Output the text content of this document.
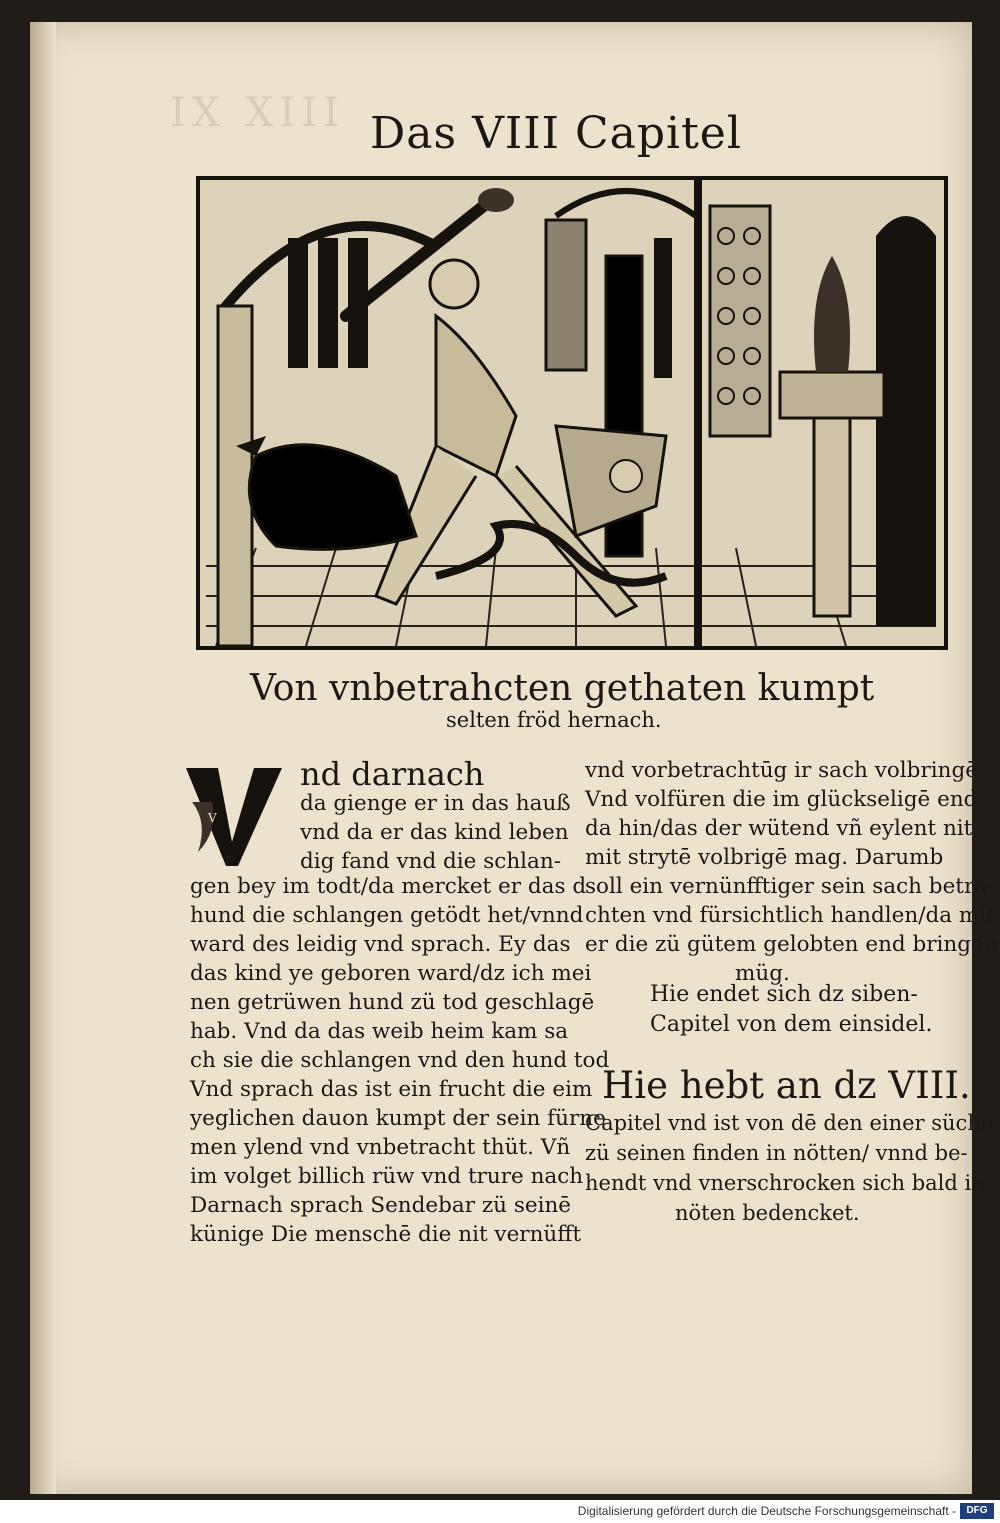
IX XIII Das VIII Capitel
Von vnbetrahcten gethaten kumpt
selten fröd hernach.
V
nd darnach
da gienge er in das hauß
vnd da er das kind leben
dig fand vnd die schlan-
gen bey im todt/da mercket er das d
hund die schlangen getödt het/vnnd
ward des leidig vnd sprach. Ey das
das kind ye geboren ward/dz ich mei
nen getrüwen hund zü tod geschlagē
hab. Vnd da das weib heim kam sa
ch sie die schlangen vnd den hund tod
Vnd sprach das ist ein frucht die eim
yeglichen dauon kumpt der sein fürne
men ylend vnd vnbetracht thüt. Vñ
im volget billich rüw vnd trure nach
Darnach sprach Sendebar zü seinē
künige Die menschē die nit vernüfft
vnd vorbetrachtūg ir sach volbringē
Vnd volfüren die im glückseligē end
da hin/das der wütend vñ eylent nit
mit strytē volbrigē mag. Darumb
soll ein vernünfftiger sein sach betra-
chten vnd fürsichtlich handlen/da mit
er die zü gütem gelobten end bringen
müg.
Hie endet sich dz siben-
Capitel von dem einsidel.
Hie hebt an dz VIII.
Capitel vnd ist von dē den einer süche
zü seinen finden in nötten/ vnnd be-
hendt vnd vnerschrocken sich bald in
nöten bedencket.
Digitalisierung gefördert durch die Deutsche Forschungsgemeinschaft -	DFG
